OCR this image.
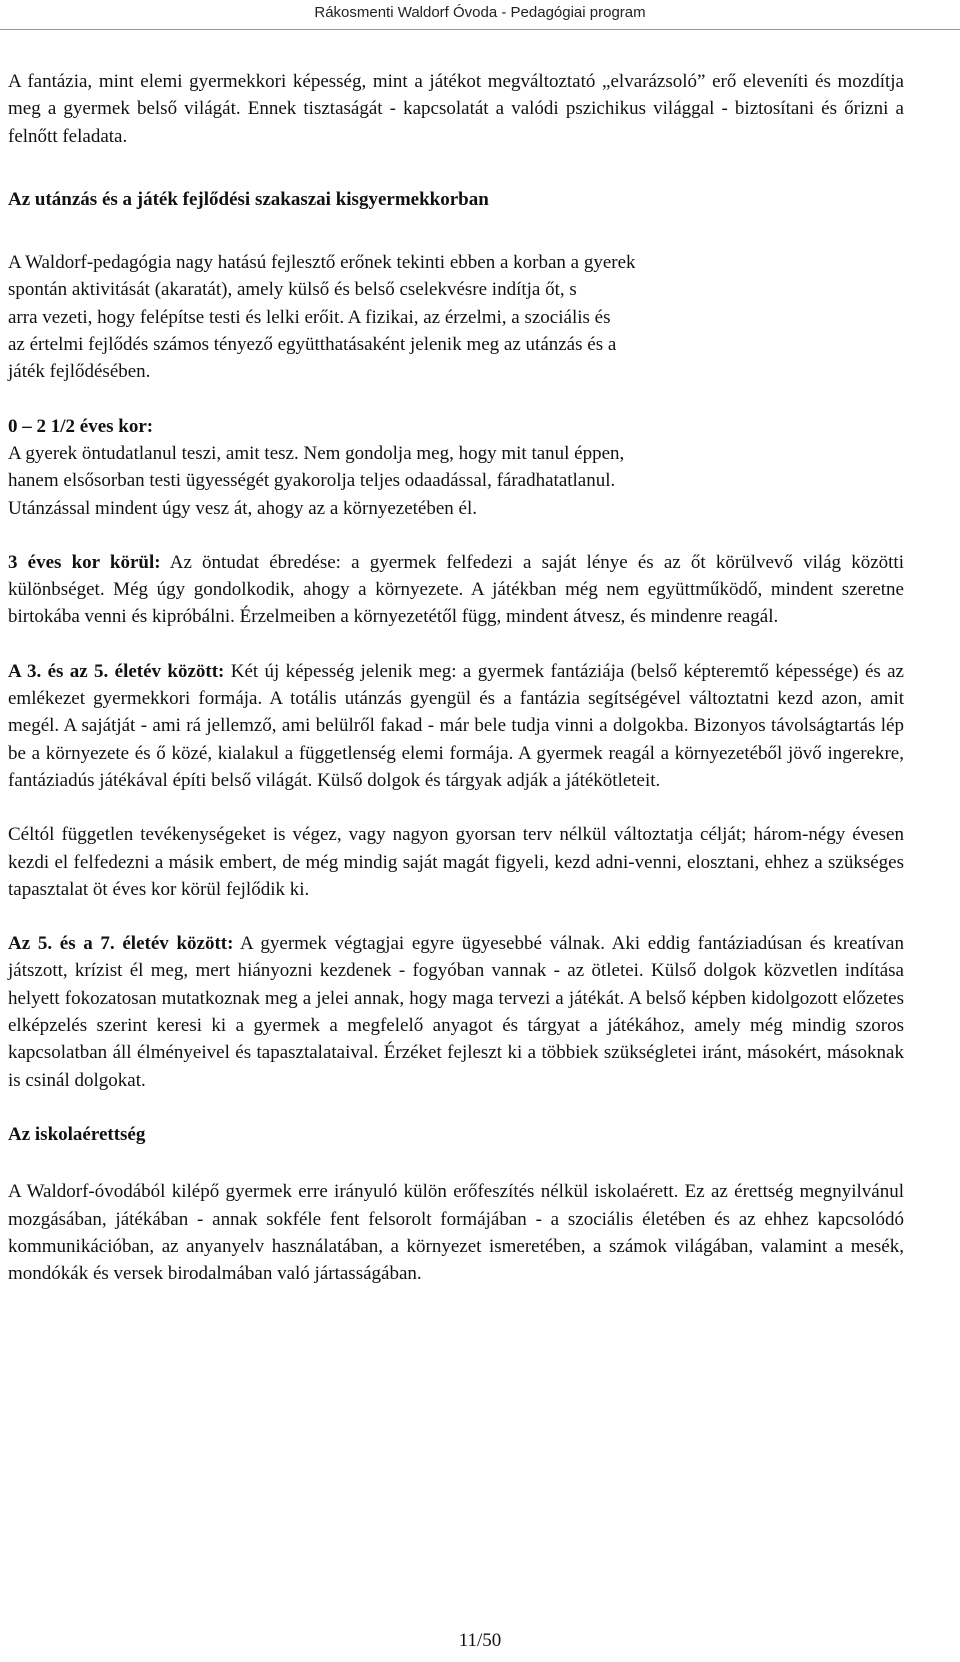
Rákosmenti Waldorf Óvoda - Pedagógiai program

A fantázia, mint elemi gyermekkori képesség, mint a játékot megváltoztató „elvarázsoló” erő eleveníti és mozdítja meg a gyermek belső világát. Ennek tisztaságát - kapcsolatát a valódi pszichikus világgal - biztosítani és őrizni a felnőtt feladata.

Az utánzás és a játék fejlődési szakaszai kisgyermekkorban

A Waldorf-pedagógia nagy hatású fejlesztő erőnek tekinti ebben a korban a gyerek
spontán aktivitását (akaratát), amely külső és belső cselekvésre indítja őt, s
arra vezeti, hogy felépítse testi és lelki erőit. A fizikai, az érzelmi, a szociális és
az értelmi fejlődés számos tényező együtthatásaként jelenik meg az utánzás és a
játék fejlődésében.

0 – 2 1/2 éves kor:
A gyerek öntudatlanul teszi, amit tesz. Nem gondolja meg, hogy mit tanul éppen,
hanem elsősorban testi ügyességét gyakorolja teljes odaadással, fáradhatatlanul.
Utánzással mindent úgy vesz át, ahogy az a környezetében él.

3 éves kor körül: Az öntudat ébredése: a gyermek felfedezi a saját lénye és az őt körülvevő világ közötti különbséget. Még úgy gondolkodik, ahogy a környezete. A játékban még nem együttműködő, mindent szeretne birtokába venni és kipróbálni. Érzelmeiben a környezetétől függ, mindent átvesz, és mindenre reagál.

A 3. és az 5. életév között: Két új képesség jelenik meg: a gyermek fantáziája (belső képteremtő képessége) és az emlékezet gyermekkori formája. A totális utánzás gyengül és a fantázia segítségével változtatni kezd azon, amit megél. A sajátját - ami rá jellemző, ami belülről fakad - már bele tudja vinni a dolgokba. Bizonyos távolságtartás lép be a környezete és ő közé, kialakul a függetlenség elemi formája. A gyermek reagál a környezetéből jövő ingerekre, fantáziadús játékával építi belső világát. Külső dolgok és tárgyak adják a játékötleteit.

Céltól független tevékenységeket is végez, vagy nagyon gyorsan terv nélkül változtatja célját; három-négy évesen kezdi el felfedezni a másik embert, de még mindig saját magát figyeli, kezd adni-venni, elosztani, ehhez a szükséges tapasztalat öt éves kor körül fejlődik ki.

Az 5. és a 7. életév között: A gyermek végtagjai egyre ügyesebbé válnak. Aki eddig fantáziadúsan és kreatívan játszott, krízist él meg, mert hiányozni kezdenek - fogyóban vannak - az ötletei. Külső dolgok közvetlen indítása helyett fokozatosan mutatkoznak meg a jelei annak, hogy maga tervezi a játékát. A belső képben kidolgozott előzetes elképzelés szerint keresi ki a gyermek a megfelelő anyagot és tárgyat a játékához, amely még mindig szoros kapcsolatban áll élményeivel és tapasztalataival. Érzéket fejleszt ki a többiek szükségletei iránt, másokért, másoknak is csinál dolgokat.

Az iskolaérettség

A Waldorf-óvodából kilépő gyermek erre irányuló külön erőfeszítés nélkül iskolaérett. Ez az érettség megnyilvánul mozgásában, játékában - annak sokféle fent felsorolt formájában - a szociális életében és az ehhez kapcsolódó kommunikációban, az anyanyelv használatában, a környezet ismeretében, a számok világában, valamint a mesék, mondókák és versek birodalmában való jártasságában.

11/50
